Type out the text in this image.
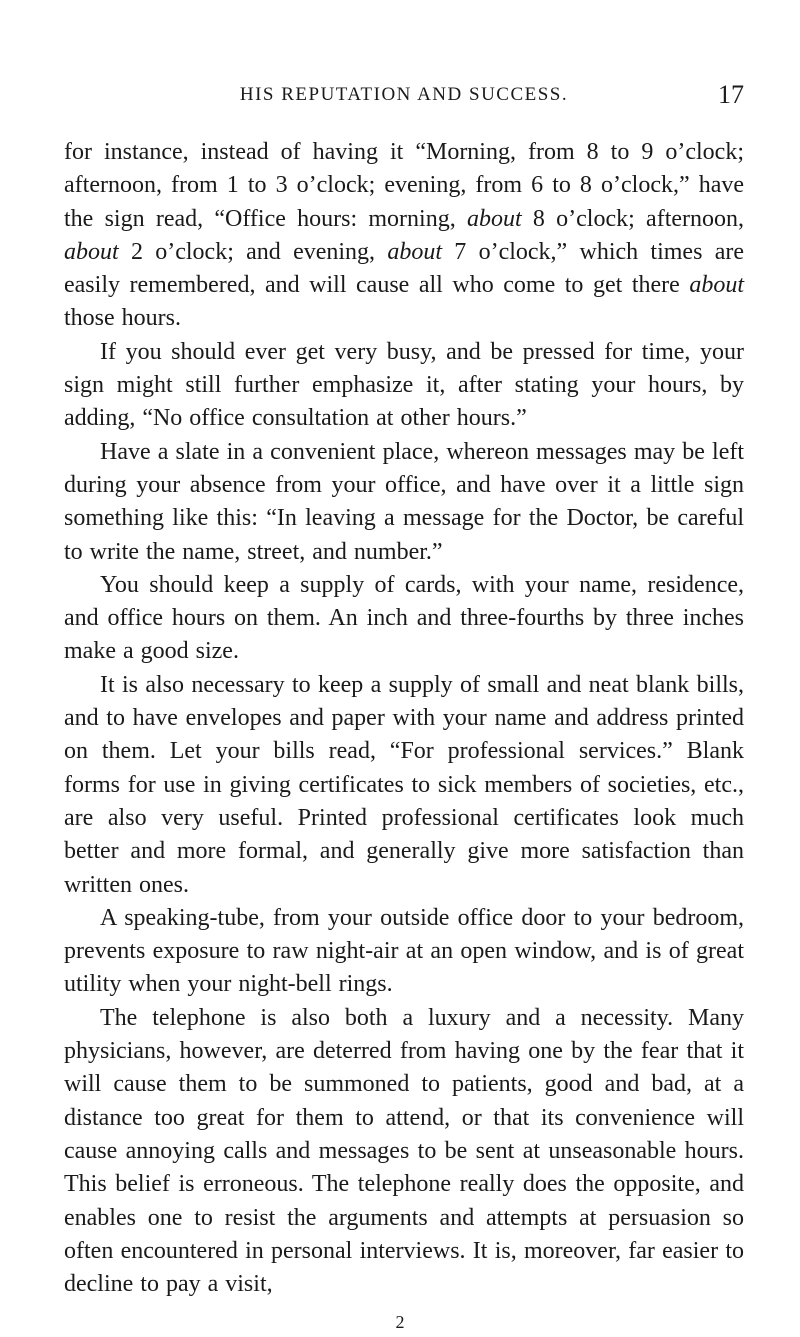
HIS REPUTATION AND SUCCESS.	17

for instance, instead of having it “Morning, from 8 to 9 o’clock; afternoon, from 1 to 3 o’clock; evening, from 6 to 8 o’clock,” have the sign read, “Office hours: morning, about 8 o’clock; afternoon, about 2 o’clock; and evening, about 7 o’clock,” which times are easily remembered, and will cause all who come to get there about those hours.

If you should ever get very busy, and be pressed for time, your sign might still further emphasize it, after stating your hours, by adding, “No office consultation at other hours.”

Have a slate in a convenient place, whereon messages may be left during your absence from your office, and have over it a little sign something like this: “In leaving a message for the Doctor, be careful to write the name, street, and number.”

You should keep a supply of cards, with your name, residence, and office hours on them. An inch and three-fourths by three inches make a good size.

It is also necessary to keep a supply of small and neat blank bills, and to have envelopes and paper with your name and address printed on them. Let your bills read, “For professional services.” Blank forms for use in giving certificates to sick members of societies, etc., are also very useful. Printed professional certificates look much better and more formal, and generally give more satisfaction than written ones.

A speaking-tube, from your outside office door to your bedroom, prevents exposure to raw night-air at an open window, and is of great utility when your night-bell rings.

The telephone is also both a luxury and a necessity. Many physicians, however, are deterred from having one by the fear that it will cause them to be summoned to patients, good and bad, at a distance too great for them to attend, or that its convenience will cause annoying calls and messages to be sent at unseasonable hours. This belief is erroneous. The telephone really does the opposite, and enables one to resist the arguments and attempts at persuasion so often encountered in personal interviews. It is, moreover, far easier to decline to pay a visit,

2
